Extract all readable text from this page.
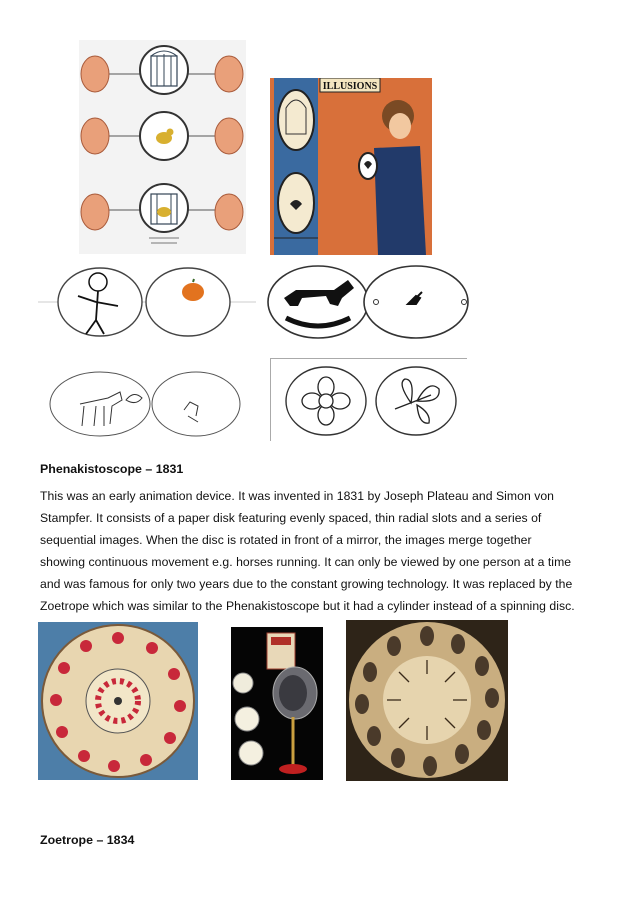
ILLUSIONS
Phenakistoscope – 1831
This was an early animation device. It was invented in 1831 by Joseph Plateau and Simon von
Stampfer. It consists of a paper disk featuring evenly spaced, thin radial slots and a series of
sequential images. When the disc is rotated in front of a mirror, the images merge together
showing continuous movement e.g. horses running. It can only be viewed by one person at a time
and was famous for only two years due to the constant growing technology. It was replaced by the
Zoetrope which was similar to the Phenakistoscope but it had a cylinder instead of a spinning disc.
Zoetrope – 1834
